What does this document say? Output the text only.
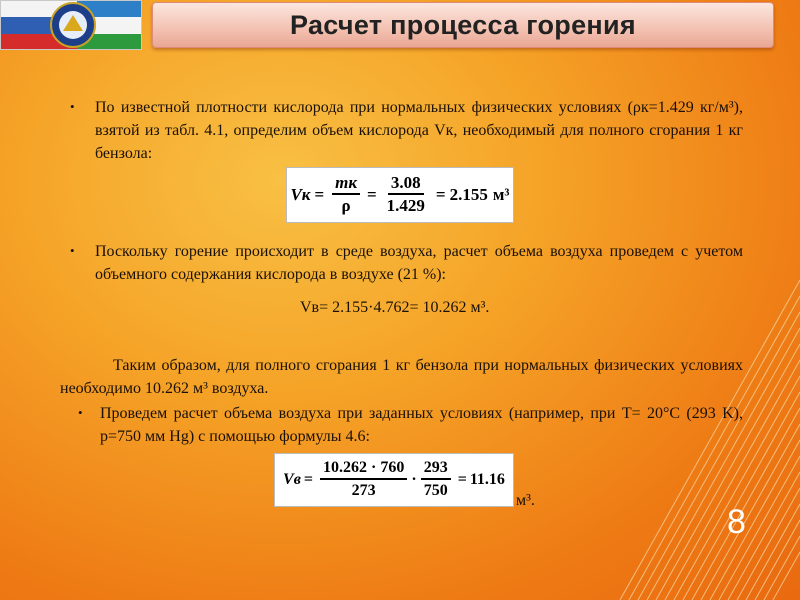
Расчет процесса горения
• По известной плотности кислорода при нормальных физических условиях (ρк=1.429 кг/м³), взятой из табл. 4.1, определим объем кислорода Vк, необходимый для полного сгорания 1 кг бензола:
Vк = $\frac{mк}{\rho} = \frac{3.08}{1.429} = 2.155$ м³
• Поскольку горение происходит в среде воздуха, расчет объема воздуха проведем с учетом объемного содержания кислорода в воздухе (21 %):
Vв= 2.155·4.762= 10.262 м³.
Таким образом, для полного сгорания 1 кг бензола при нормальных физических условиях необходимо 10.262 м³ воздуха.
• Проведем расчет объема воздуха при заданных условиях (например, при T= 20°C (293 K), p=750 мм Hg) с помощью формулы 4.6:
Vв = $\frac{10.262 \cdot 760}{273} \cdot \frac{293}{750} = 11.16$
м³.
8
